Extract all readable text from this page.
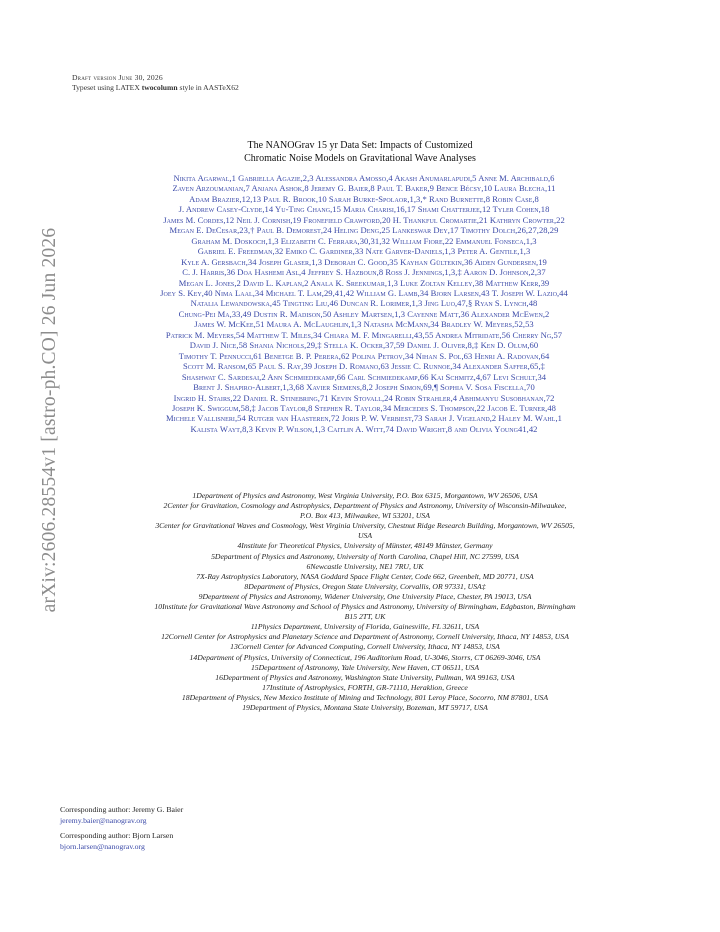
arXiv:2606.28554v1 [astro-ph.CO] 26 Jun 2026
Draft version June 30, 2026
Typeset using LATEX twocolumn style in AASTeX62
The NANOGrav 15 yr Data Set: Impacts of Customized
Chromatic Noise Models on Gravitational Wave Analyses
Nikita Agarwal,1 Gabriella Agazie,2,3 Alessandra Amosso,4 Akash Anumarlapudi,5 Anne M. Archibald,6
Zaven Arzoumanian,7 Anjana Ashok,8 Jeremy G. Baier,8 Paul T. Baker,9 Bence Bécsy,10 Laura Blecha,11
Adam Brazier,12,13 Paul R. Brook,10 Sarah Burke-Spolaor,1,3,* Rand Burnette,8 Robin Case,8
J. Andrew Casey-Clyde,14 Yu-Ting Chang,15 Maria Charisi,16,17 Shami Chatterjee,12 Tyler Cohen,18
James M. Cordes,12 Neil J. Cornish,19 Fronefield Crawford,20 H. Thankful Cromartie,21 Kathryn Crowter,22
Megan E. DeCesar,23,† Paul B. Demorest,24 Heling Deng,25 Lankeswar Dey,17 Timothy Dolch,26,27,28,29
Graham M. Doskoch,1,3 Elizabeth C. Ferrara,30,31,32 William Fiore,22 Emmanuel Fonseca,1,3
Gabriel E. Freedman,32 Emiko C. Gardiner,33 Nate Garver-Daniels,1,3 Peter A. Gentile,1,3
Kyle A. Gersbach,34 Joseph Glaser,1,3 Deborah C. Good,35 Kayhan Gültekin,36 Aiden Gundersen,19
C. J. Harris,36 Doa Hashemi Asl,4 Jeffrey S. Hazboun,8 Ross J. Jennings,1,3,‡ Aaron D. Johnson,2,37
Megan L. Jones,2 David L. Kaplan,2 Anala K. Sreekumar,1,3 Luke Zoltan Kelley,38 Matthew Kerr,39
Joey S. Key,40 Nima Laal,34 Michael T. Lam,29,41,42 William G. Lamb,34 Bjorn Larsen,43 T. Joseph W. Lazio,44
Natalia Lewandowska,45 Tingting Liu,46 Duncan R. Lorimer,1,3 Jing Luo,47,§ Ryan S. Lynch,48
Chung-Pei Ma,33,49 Dustin R. Madison,50 Ashley Martsen,1,3 Cayenne Matt,36 Alexander McEwen,2
James W. McKee,51 Maura A. McLaughlin,1,3 Natasha McMann,34 Bradley W. Meyers,52,53
Patrick M. Meyers,54 Matthew T. Miles,34 Chiara M. F. Mingarelli,43,55 Andrea Mitridate,56 Cherry Ng,57
David J. Nice,58 Shania Nichols,29,‡ Stella K. Ocker,37,59 Daniel J. Oliver,8,‡ Ken D. Olum,60
Timothy T. Pennucci,61 Benetge B. P. Perera,62 Polina Petrov,34 Nihan S. Pol,63 Henri A. Radovan,64
Scott M. Ransom,65 Paul S. Ray,39 Joseph D. Romano,63 Jessie C. Runnoe,34 Alexander Saffer,65,‡
Shashwat C. Sardesai,2 Ann Schmiedekamp,66 Carl Schmiedekamp,66 Kai Schmitz,4,67 Levi Schult,34
Brent J. Shapiro-Albert,1,3,68 Xavier Siemens,8,2 Joseph Simon,69,¶ Sophia V. Sosa Fiscella,70
Ingrid H. Stairs,22 Daniel R. Stinebring,71 Kevin Stovall,24 Robin Strahler,4 Abhimanyu Susobhanan,72
Joseph K. Swiggum,58,‡ Jacob Taylor,8 Stephen R. Taylor,34 Mercedes S. Thompson,22 Jacob E. Turner,48
Michele Vallisneri,54 Rutger van Haasteren,72 Joris P. W. Verbiest,73 Sarah J. Vigeland,2 Haley M. Wahl,1
Kalista Wayt,8,3 Kevin P. Wilson,1,3 Caitlin A. Witt,74 David Wright,8 and Olivia Young41,42
1Department of Physics and Astronomy, West Virginia University, P.O. Box 6315, Morgantown, WV 26506, USA
2Center for Gravitation, Cosmology and Astrophysics, Department of Physics and Astronomy, University of Wisconsin-Milwaukee,
P.O. Box 413, Milwaukee, WI 53201, USA
3Center for Gravitational Waves and Cosmology, West Virginia University, Chestnut Ridge Research Building, Morgantown, WV 26505,
USA
4Institute for Theoretical Physics, University of Münster, 48149 Münster, Germany
5Department of Physics and Astronomy, University of North Carolina, Chapel Hill, NC 27599, USA
6Newcastle University, NE1 7RU, UK
7X-Ray Astrophysics Laboratory, NASA Goddard Space Flight Center, Code 662, Greenbelt, MD 20771, USA
8Department of Physics, Oregon State University, Corvallis, OR 97331, USA‡
9Department of Physics and Astronomy, Widener University, One University Place, Chester, PA 19013, USA
10Institute for Gravitational Wave Astronomy and School of Physics and Astronomy, University of Birmingham, Edgbaston, Birmingham
B15 2TT, UK
11Physics Department, University of Florida, Gainesville, FL 32611, USA
12Cornell Center for Astrophysics and Planetary Science and Department of Astronomy, Cornell University, Ithaca, NY 14853, USA
13Cornell Center for Advanced Computing, Cornell University, Ithaca, NY 14853, USA
14Department of Physics, University of Connecticut, 196 Auditorium Road, U-3046, Storrs, CT 06269-3046, USA
15Department of Astronomy, Yale University, New Haven, CT 06511, USA
16Department of Physics and Astronomy, Washington State University, Pullman, WA 99163, USA
17Institute of Astrophysics, FORTH, GR-71110, Heraklion, Greece
18Department of Physics, New Mexico Institute of Mining and Technology, 801 Leroy Place, Socorro, NM 87801, USA
19Department of Physics, Montana State University, Bozeman, MT 59717, USA
Corresponding author: Jeremy G. Baier
jeremy.baier@nanograv.org
Corresponding author: Bjorn Larsen
bjorn.larsen@nanograv.org
